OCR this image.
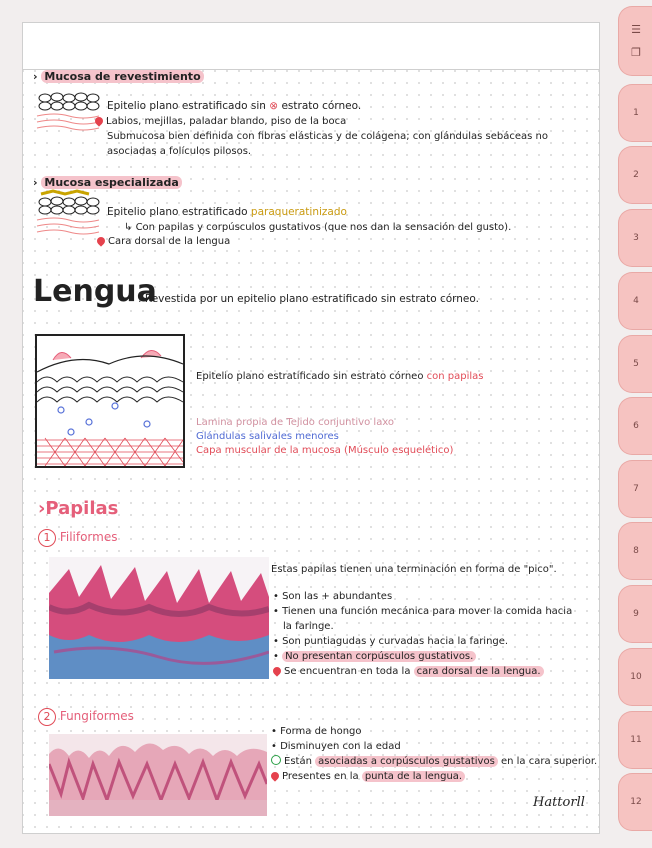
› Mucosa de revestimiento
Epitelio plano estratificado sin ⊗ estrato córneo.
Labios, mejillas, paladar blando, piso de la boca
Submucosa bien definida con fibras elásticas y de colágena; con glándulas sebáceas no
asociadas a folículos pilosos.
› Mucosa especializada
Epitelio plano estratificado paraqueratinizado
↳ Con papilas y corpúsculos gustativos (que nos dan la sensación del gusto).
Cara dorsal de la lengua
Lengua
: Revestida por un epitelio plano estratificado sin estrato córneo.
Epitelio plano estratificado sin estrato córneo con papilas
Lamina propia de Tejido conjuntivo laxo
Glándulas salivales menores
Capa muscular de la mucosa (Músculo esquelético)
›Papilas
1 Filiformes
Estas papilas tienen una terminación en forma de "pico".
• Son las + abundantes
• Tienen una función mecánica para mover la comida hacia
la faringe.
• Son puntiagudas y curvadas hacia la faringe.
• No presentan corpúsculos gustativos.
Se encuentran en toda la cara dorsal de la lengua.
2 Fungiformes
• Forma de hongo
• Disminuyen con la edad
Están asociadas a corpúsculos gustativos en la cara superior.
Presentes en la punta de la lengua.
Hattorll
☰
❐
1
2
3
4
5
6
7
8
9
10
11
12
